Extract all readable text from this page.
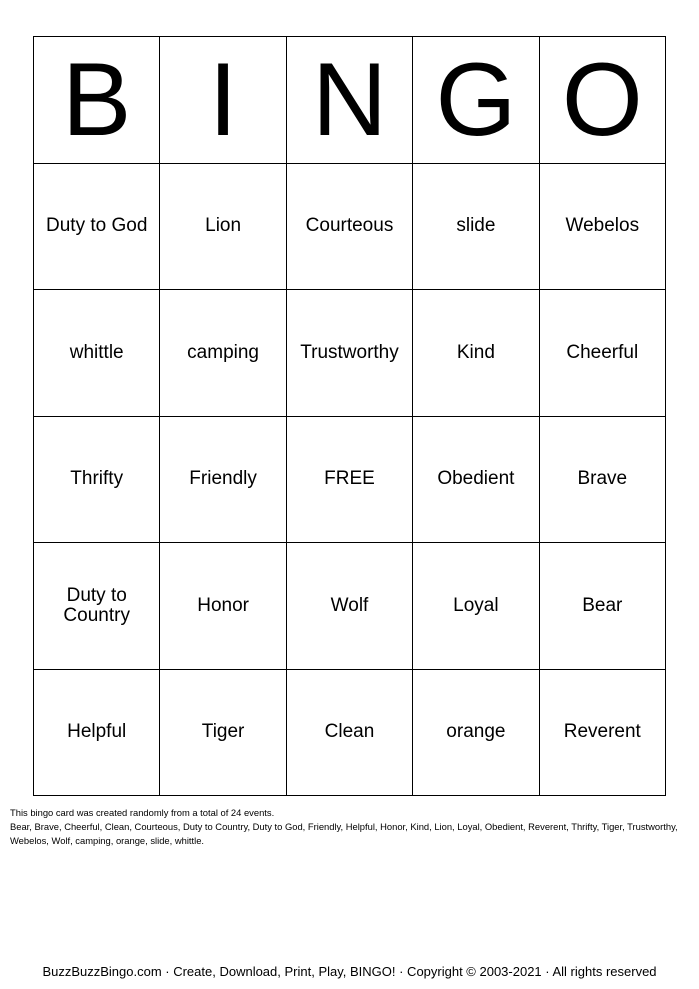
B I N G O
Duty to God	Lion	Courteous	slide	Webelos
whittle	camping	Trustworthy	Kind	Cheerful
Thrifty	Friendly	FREE	Obedient	Brave
Duty to Country	Honor	Wolf	Loyal	Bear
Helpful	Tiger	Clean	orange	Reverent

This bingo card was created randomly from a total of 24 events.

Bear, Brave, Cheerful, Clean, Courteous, Duty to Country, Duty to God, Friendly, Helpful, Honor, Kind, Lion, Loyal, Obedient, Reverent, Thrifty, Tiger, Trustworthy, Webelos, Wolf, camping, orange, slide, whittle.

BuzzBuzzBingo.com · Create, Download, Print, Play, BINGO! · Copyright © 2003-2021 · All rights reserved
